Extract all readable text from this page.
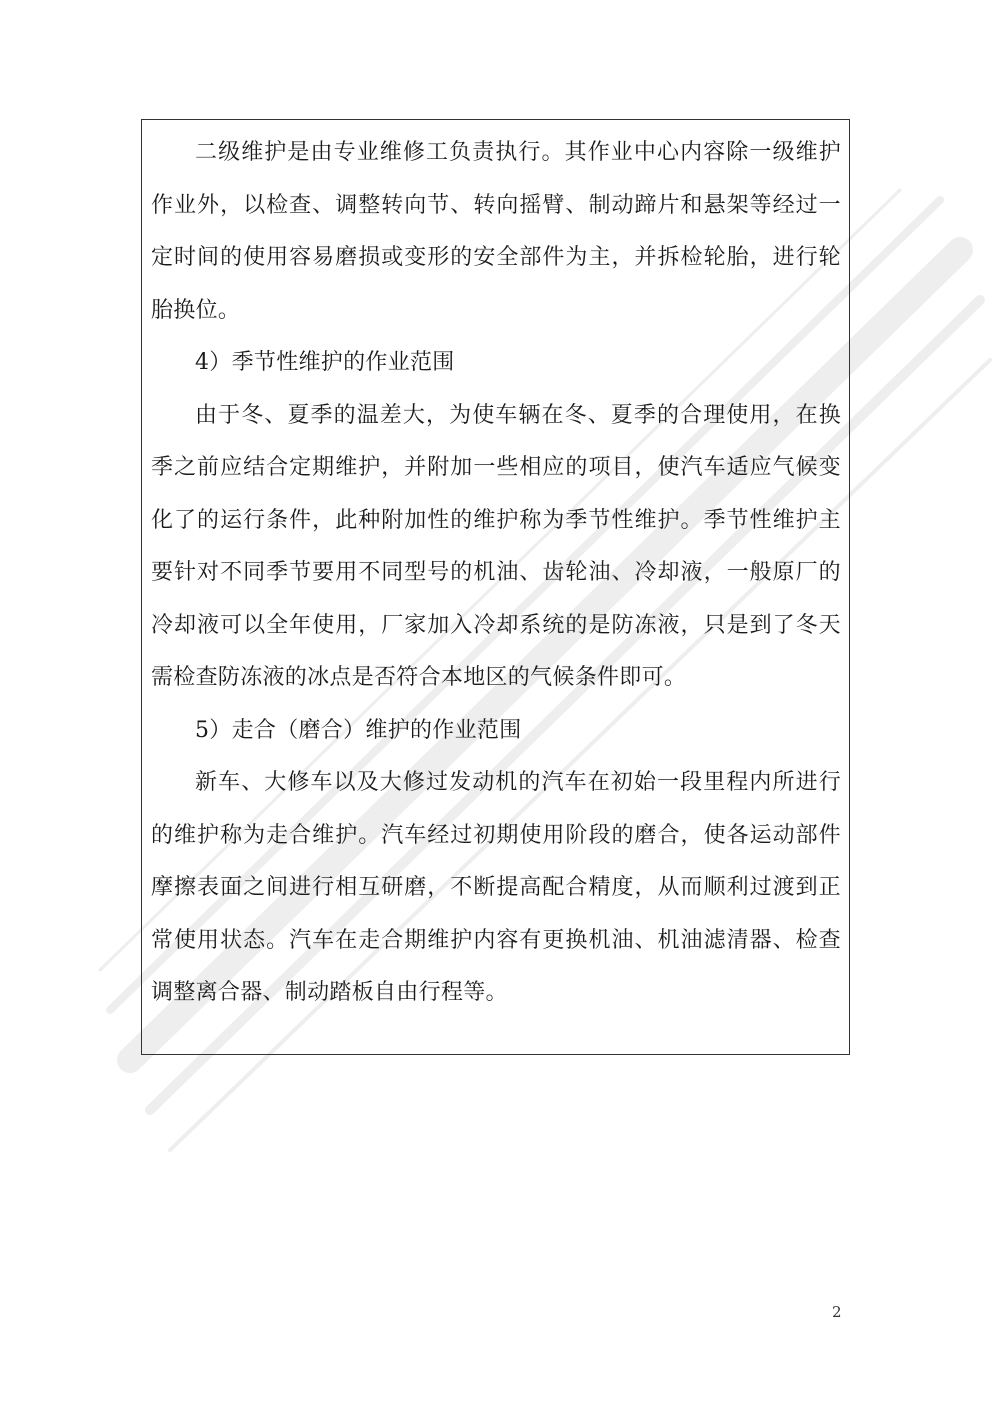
二级维护是由专业维修工负责执行。其作业中心内容除一级维护作业外，以检查、调整转向节、转向摇臂、制动蹄片和悬架等经过一定时间的使用容易磨损或变形的安全部件为主，并拆检轮胎，进行轮胎换位。

4）季节性维护的作业范围

由于冬、夏季的温差大，为使车辆在冬、夏季的合理使用，在换季之前应结合定期维护，并附加一些相应的项目，使汽车适应气候变化了的运行条件，此种附加性的维护称为季节性维护。季节性维护主要针对不同季节要用不同型号的机油、齿轮油、冷却液，一般原厂的冷却液可以全年使用，厂家加入冷却系统的是防冻液，只是到了冬天需检查防冻液的冰点是否符合本地区的气候条件即可。

5）走合（磨合）维护的作业范围

新车、大修车以及大修过发动机的汽车在初始一段里程内所进行的维护称为走合维护。汽车经过初期使用阶段的磨合，使各运动部件摩擦表面之间进行相互研磨，不断提高配合精度，从而顺利过渡到正常使用状态。汽车在走合期维护内容有更换机油、机油滤清器、检查调整离合器、制动踏板自由行程等。

2
